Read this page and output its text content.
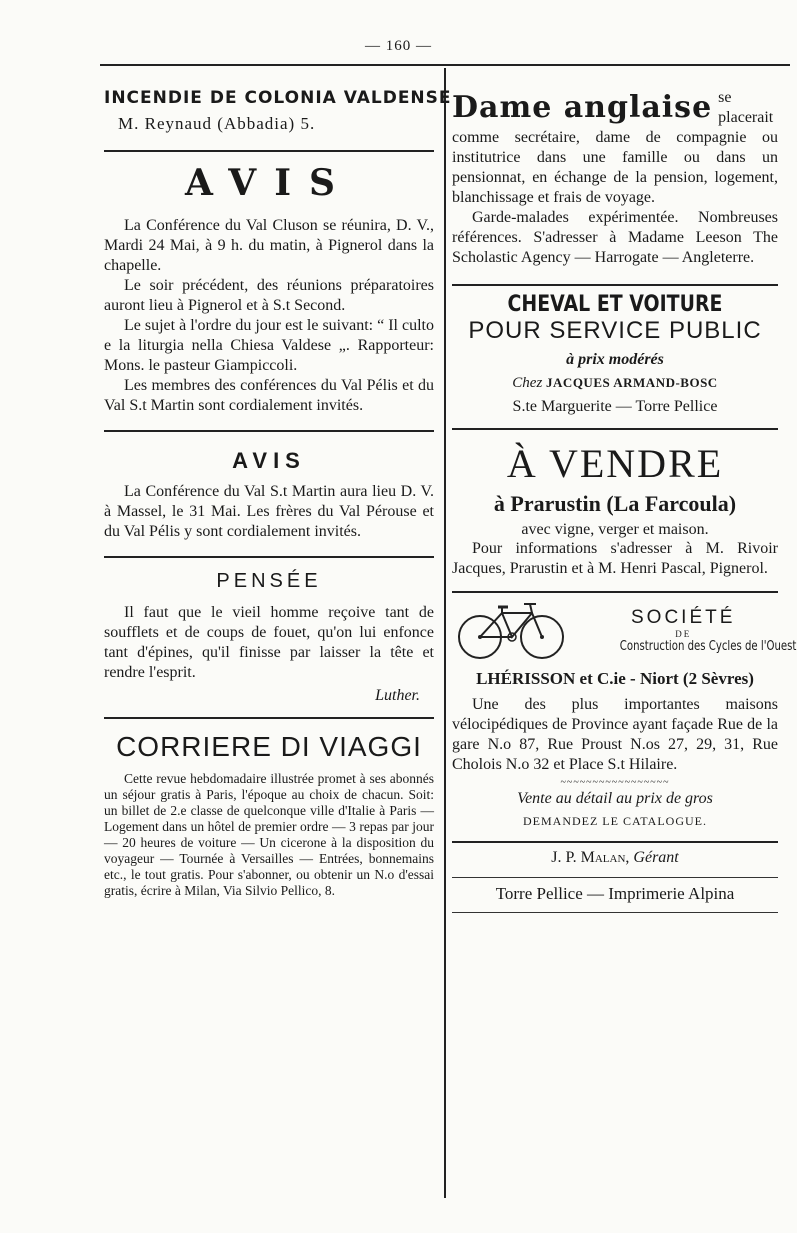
— 160 —
INCENDIE DE COLONIA VALDENSE
M. Reynaud (Abbadia) 5.
AVIS

La Conférence du Val Cluson se réunira, D. V., Mardi 24 Mai, à 9 h. du matin, à Pignerol dans la chapelle.

Le soir précédent, des réunions préparatoires auront lieu à Pignerol et à S.t Second.

Le sujet à l'ordre du jour est le suivant: “ Il culto e la liturgia nella Chiesa Valdese „. Rapporteur: Mons. le pasteur Giampiccoli.

Les membres des conférences du Val Pélis et du Val S.t Martin sont cordialement invités.

AVIS

La Conférence du Val S.t Martin aura lieu D. V. à Massel, le 31 Mai. Les frères du Val Pérouse et du Val Pélis y sont cordialement invités.

PENSÉE

Il faut que le vieil homme reçoive tant de soufflets et de coups de fouet, qu'on lui enfonce tant d'épines, qu'il finisse par laisser la tête et rendre l'esprit.

Luther.
CORRIERE DI VIAGGI

Cette revue hebdomadaire illustrée promet à ses abonnés un séjour gratis à Paris, l'époque au choix de chacun. Soit: un billet de 2.e classe de quelconque ville d'Italie à Paris — Logement dans un hôtel de premier ordre — 3 repas par jour — 20 heures de voiture — Un cicerone à la disposition du voyageur — Tournée à Versailles — Entrées, bonnemains etc., le tout gratis. Pour s'abonner, ou obtenir un N.o d'essai gratis, écrire à Milan, Via Silvio Pellico, 8.

Dame anglaise se placerait comme secrétaire, dame de compagnie ou institutrice dans une famille ou dans un pensionnat, en échange de la pension, logement, blanchissage et frais de voyage.

Garde-malades expérimentée. Nombreuses références. S'adresser à Madame Leeson The Scholastic Agency — Harrogate — Angleterre.

CHEVAL ET VOITURE
POUR SERVICE PUBLIC
à prix modérés
Chez JACQUES ARMAND-BOSC
S.te Marguerite — Torre Pellice
À VENDRE
à Prarustin (La Farcoula)
avec vigne, verger et maison.

Pour informations s'adresser à M. Rivoir Jacques, Prarustin et à M. Henri Pascal, Pignerol.

SOCIÉTÉ
DE
Construction des Cycles de l'Ouest
LHÉRISSON et C.ie - Niort (2 Sèvres)

Une des plus importantes maisons vélocipédiques de Province ayant façade Rue de la gare N.o 87, Rue Proust N.os 27, 29, 31, Rue Cholois N.o 32 et Place S.t Hilaire.

~~~~~~~~~~~~~~~~~
Vente au détail au prix de gros
DEMANDEZ LE CATALOGUE.
J. P. Malan, Gérant
Torre Pellice — Imprimerie Alpina
